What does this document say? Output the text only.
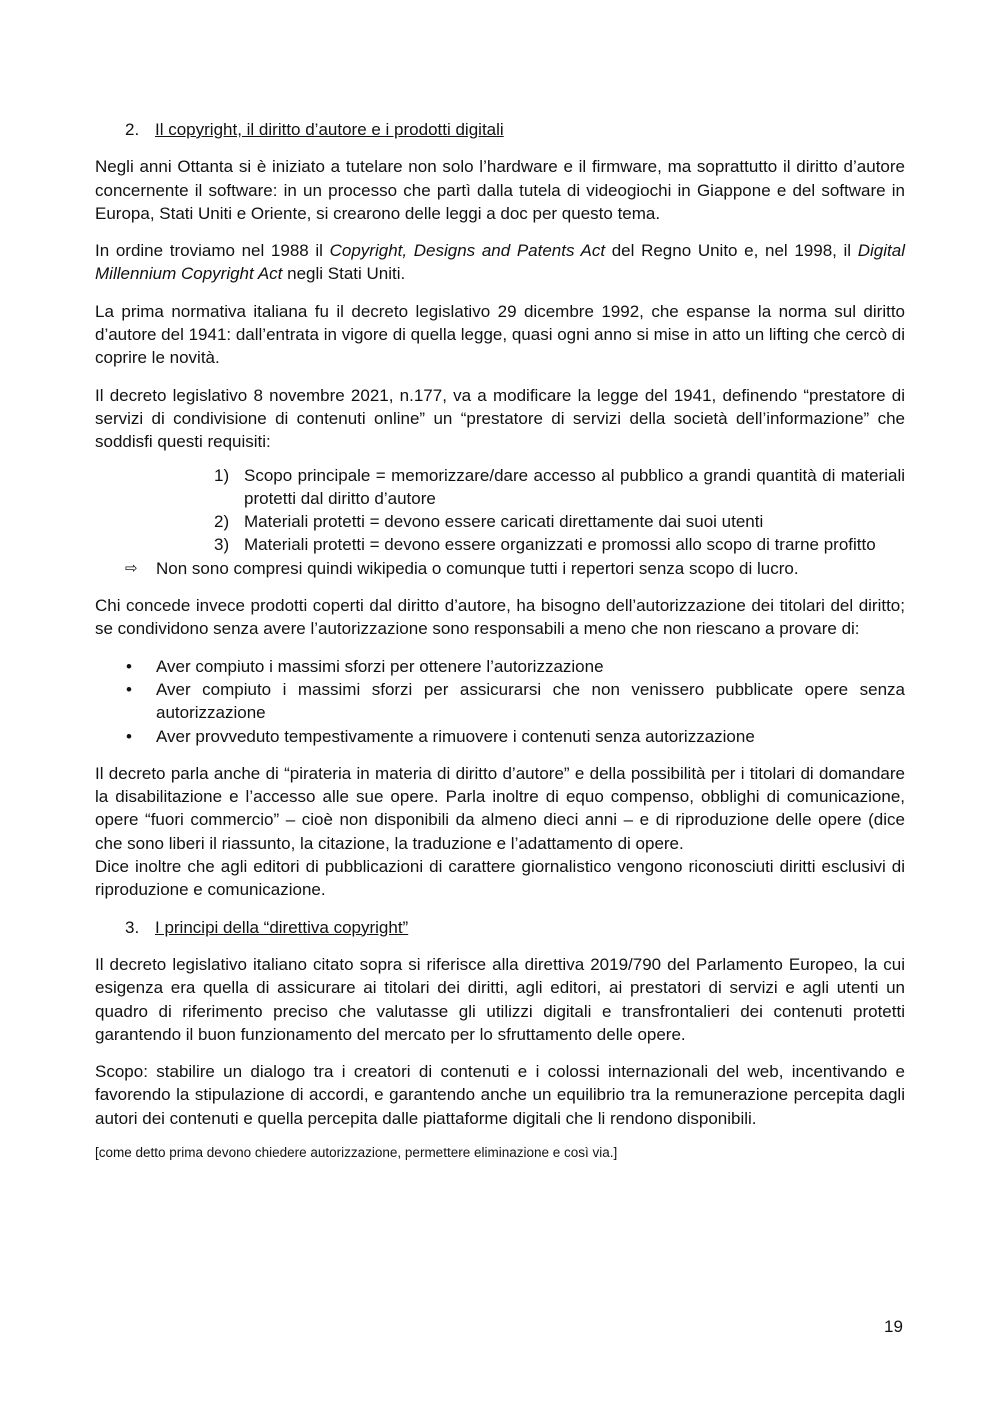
2. Il copyright, il diritto d’autore e i prodotti digitali

Negli anni Ottanta si è iniziato a tutelare non solo l’hardware e il firmware, ma soprattutto il diritto d’autore concernente il software: in un processo che partì dalla tutela di videogiochi in Giappone e del software in Europa, Stati Uniti e Oriente, si crearono delle leggi a doc per questo tema.

In ordine troviamo nel 1988 il Copyright, Designs and Patents Act del Regno Unito e, nel 1998, il Digital Millennium Copyright Act negli Stati Uniti.

La prima normativa italiana fu il decreto legislativo 29 dicembre 1992, che espanse la norma sul diritto d’autore del 1941: dall’entrata in vigore di quella legge, quasi ogni anno si mise in atto un lifting che cercò di coprire le novità.

Il decreto legislativo 8 novembre 2021, n.177, va a modificare la legge del 1941, definendo “prestatore di servizi di condivisione di contenuti online” un “prestatore di servizi della società dell’informazione” che soddisfi questi requisiti:

1) Scopo principale = memorizzare/dare accesso al pubblico a grandi quantità di materiali protetti dal diritto d’autore
2) Materiali protetti = devono essere caricati direttamente dai suoi utenti
3) Materiali protetti = devono essere organizzati e promossi allo scopo di trarne profitto
⇨ Non sono compresi quindi wikipedia o comunque tutti i repertori senza scopo di lucro.

Chi concede invece prodotti coperti dal diritto d’autore, ha bisogno dell’autorizzazione dei titolari del diritto; se condividono senza avere l’autorizzazione sono responsabili a meno che non riescano a provare di:

• Aver compiuto i massimi sforzi per ottenere l’autorizzazione
• Aver compiuto i massimi sforzi per assicurarsi che non venissero pubblicate opere senza autorizzazione
• Aver provveduto tempestivamente a rimuovere i contenuti senza autorizzazione

Il decreto parla anche di “pirateria in materia di diritto d’autore” e della possibilità per i titolari di domandare la disabilitazione e l’accesso alle sue opere. Parla inoltre di equo compenso, obblighi di comunicazione, opere “fuori commercio” – cioè non disponibili da almeno dieci anni – e di riproduzione delle opere (dice che sono liberi il riassunto, la citazione, la traduzione e l’adattamento di opere.

Dice inoltre che agli editori di pubblicazioni di carattere giornalistico vengono riconosciuti diritti esclusivi di riproduzione e comunicazione.

3. I principi della “direttiva copyright”

Il decreto legislativo italiano citato sopra si riferisce alla direttiva 2019/790 del Parlamento Europeo, la cui esigenza era quella di assicurare ai titolari dei diritti, agli editori, ai prestatori di servizi e agli utenti un quadro di riferimento preciso che valutasse gli utilizzi digitali e transfrontalieri dei contenuti protetti garantendo il buon funzionamento del mercato per lo sfruttamento delle opere.

Scopo: stabilire un dialogo tra i creatori di contenuti e i colossi internazionali del web, incentivando e favorendo la stipulazione di accordi, e garantendo anche un equilibrio tra la remunerazione percepita dagli autori dei contenuti e quella percepita dalle piattaforme digitali che li rendono disponibili.

[come detto prima devono chiedere autorizzazione, permettere eliminazione e così via.]

19
